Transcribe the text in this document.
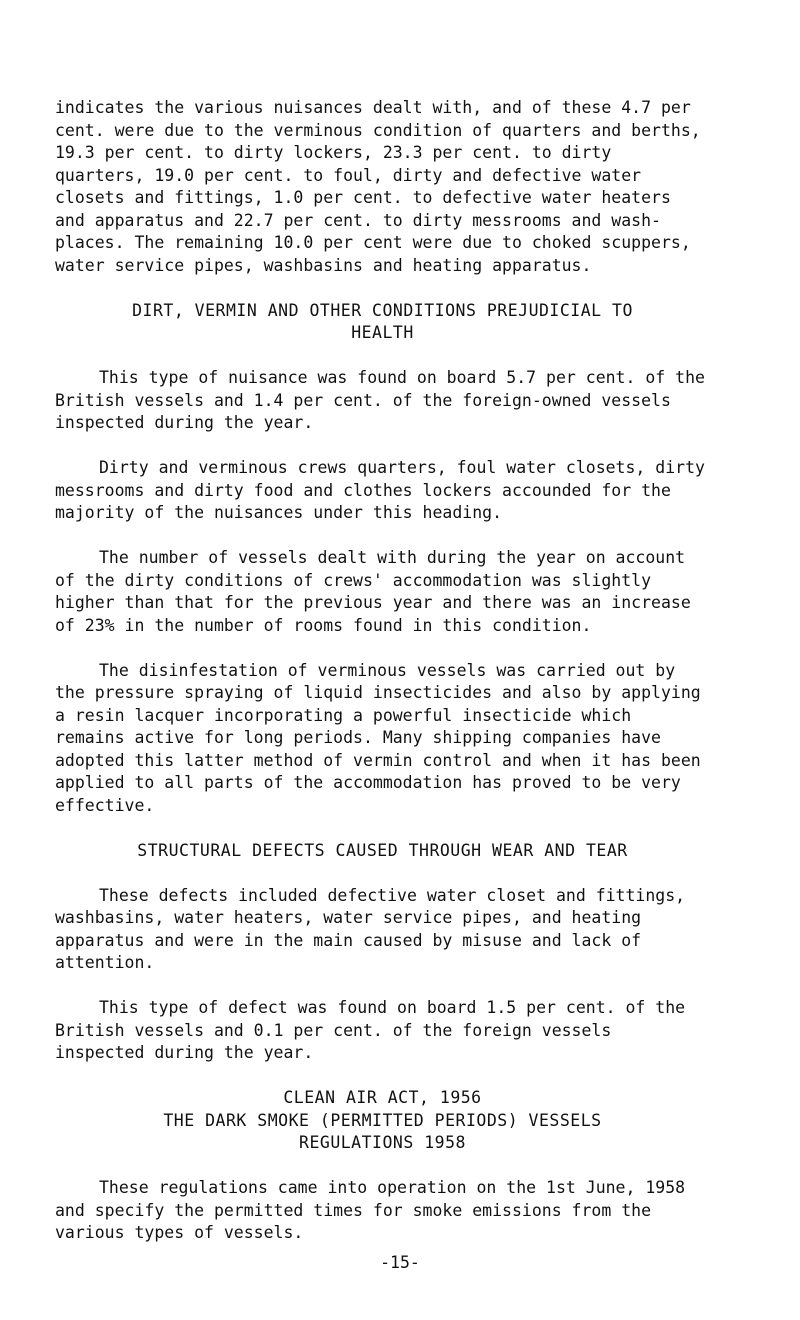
indicates the various nuisances dealt with, and of these 4.7 per cent. were due to the verminous condition of quarters and berths, 19.3 per cent. to dirty lockers, 23.3 per cent. to dirty quarters, 19.0 per cent. to foul, dirty and defective water closets and fittings, 1.0 per cent. to defective water heaters and apparatus and 22.7 per cent. to dirty messrooms and wash-places. The remaining 10.0 per cent were due to choked scuppers, water service pipes, washbasins and heating apparatus.

DIRT, VERMIN AND OTHER CONDITIONS PREJUDICIAL TO
HEALTH

This type of nuisance was found on board 5.7 per cent. of the British vessels and 1.4 per cent. of the foreign-owned vessels inspected during the year.

Dirty and verminous crews quarters, foul water closets, dirty messrooms and dirty food and clothes lockers accounded for the majority of the nuisances under this heading.

The number of vessels dealt with during the year on account of the dirty conditions of crews' accommodation was slightly higher than that for the previous year and there was an increase of 23% in the number of rooms found in this condition.

The disinfestation of verminous vessels was carried out by the pressure spraying of liquid insecticides and also by applying a resin lacquer incorporating a powerful insecticide which remains active for long periods. Many shipping companies have adopted this latter method of vermin control and when it has been applied to all parts of the accommodation has proved to be very effective.

STRUCTURAL DEFECTS CAUSED THROUGH WEAR AND TEAR

These defects included defective water closet and fittings, washbasins, water heaters, water service pipes, and heating apparatus and were in the main caused by misuse and lack of attention.

This type of defect was found on board 1.5 per cent. of the British vessels and 0.1 per cent. of the foreign vessels inspected during the year.

CLEAN AIR ACT, 1956
THE DARK SMOKE (PERMITTED PERIODS) VESSELS
REGULATIONS 1958

These regulations came into operation on the 1st June, 1958 and specify the permitted times for smoke emissions from the various types of vessels.

-15-
